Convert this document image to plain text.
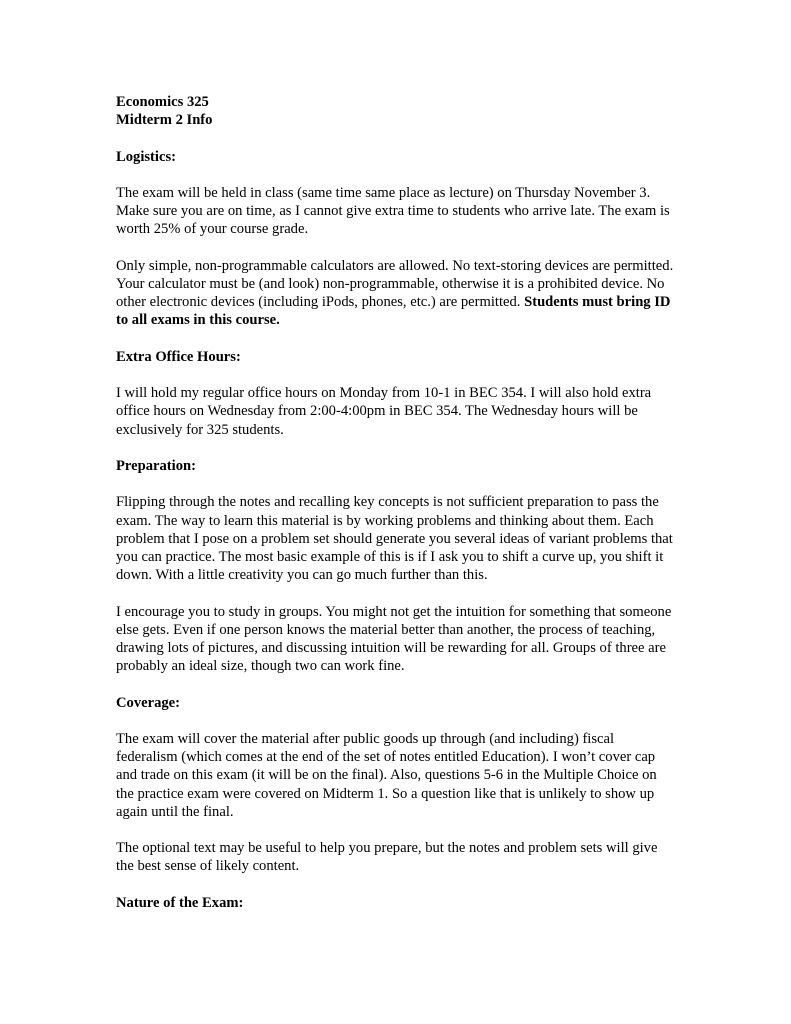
Economics 325

Midterm 2 Info

Logistics:

The exam will be held in class (same time same place as lecture) on Thursday November 3. Make sure you are on time, as I cannot give extra time to students who arrive late. The exam is worth 25% of your course grade.

Only simple, non-programmable calculators are allowed. No text-storing devices are permitted. Your calculator must be (and look) non-programmable, otherwise it is a prohibited device. No other electronic devices (including iPods, phones, etc.) are permitted. Students must bring ID to all exams in this course.

Extra Office Hours:

I will hold my regular office hours on Monday from 10-1 in BEC 354. I will also hold extra office hours on Wednesday from 2:00-4:00pm in BEC 354. The Wednesday hours will be exclusively for 325 students.

Preparation:

Flipping through the notes and recalling key concepts is not sufficient preparation to pass the exam. The way to learn this material is by working problems and thinking about them. Each problem that I pose on a problem set should generate you several ideas of variant problems that you can practice. The most basic example of this is if I ask you to shift a curve up, you shift it down. With a little creativity you can go much further than this.

I encourage you to study in groups. You might not get the intuition for something that someone else gets. Even if one person knows the material better than another, the process of teaching, drawing lots of pictures, and discussing intuition will be rewarding for all. Groups of three are probably an ideal size, though two can work fine.

Coverage:

The exam will cover the material after public goods up through (and including) fiscal federalism (which comes at the end of the set of notes entitled Education). I won’t cover cap and trade on this exam (it will be on the final). Also, questions 5-6 in the Multiple Choice on the practice exam were covered on Midterm 1. So a question like that is unlikely to show up again until the final.

The optional text may be useful to help you prepare, but the notes and problem sets will give the best sense of likely content.

Nature of the Exam:
